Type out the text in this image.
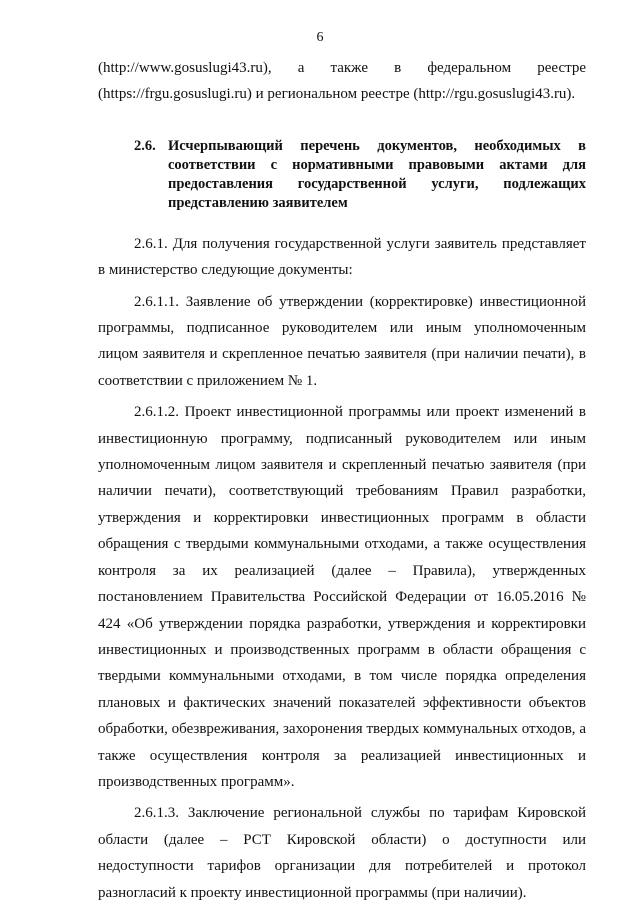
6

(http://www.gosuslugi43.ru), а также в федеральном реестре (https://frgu.gosuslugi.ru) и региональном реестре (http://rgu.gosuslugi43.ru).

2.6. Исчерпывающий перечень документов, необходимых в соответствии с нормативными правовыми актами для предоставления государственной услуги, подлежащих представлению заявителем

2.6.1. Для получения государственной услуги заявитель представляет в министерство следующие документы:

2.6.1.1. Заявление об утверждении (корректировке) инвестиционной программы, подписанное руководителем или иным уполномоченным лицом заявителя и скрепленное печатью заявителя (при наличии печати), в соответствии с приложением № 1.

2.6.1.2. Проект инвестиционной программы или проект изменений в инвестиционную программу, подписанный руководителем или иным уполномоченным лицом заявителя и скрепленный печатью заявителя (при наличии печати), соответствующий требованиям Правил разработки, утверждения и корректировки инвестиционных программ в области обращения с твердыми коммунальными отходами, а также осуществления контроля за их реализацией (далее – Правила), утвержденных постановлением Правительства Российской Федерации от 16.05.2016 № 424 «Об утверждении порядка разработки, утверждения и корректировки инвестиционных и производственных программ в области обращения с твердыми коммунальными отходами, в том числе порядка определения плановых и фактических значений показателей эффективности объектов обработки, обезвреживания, захоронения твердых коммунальных отходов, а также осуществления контроля за реализацией инвестиционных и производственных программ».

2.6.1.3. Заключение региональной службы по тарифам Кировской области (далее – РСТ Кировской области) о доступности или недоступности тарифов организации для потребителей и протокол разногласий к проекту инвестиционной программы (при наличии).
